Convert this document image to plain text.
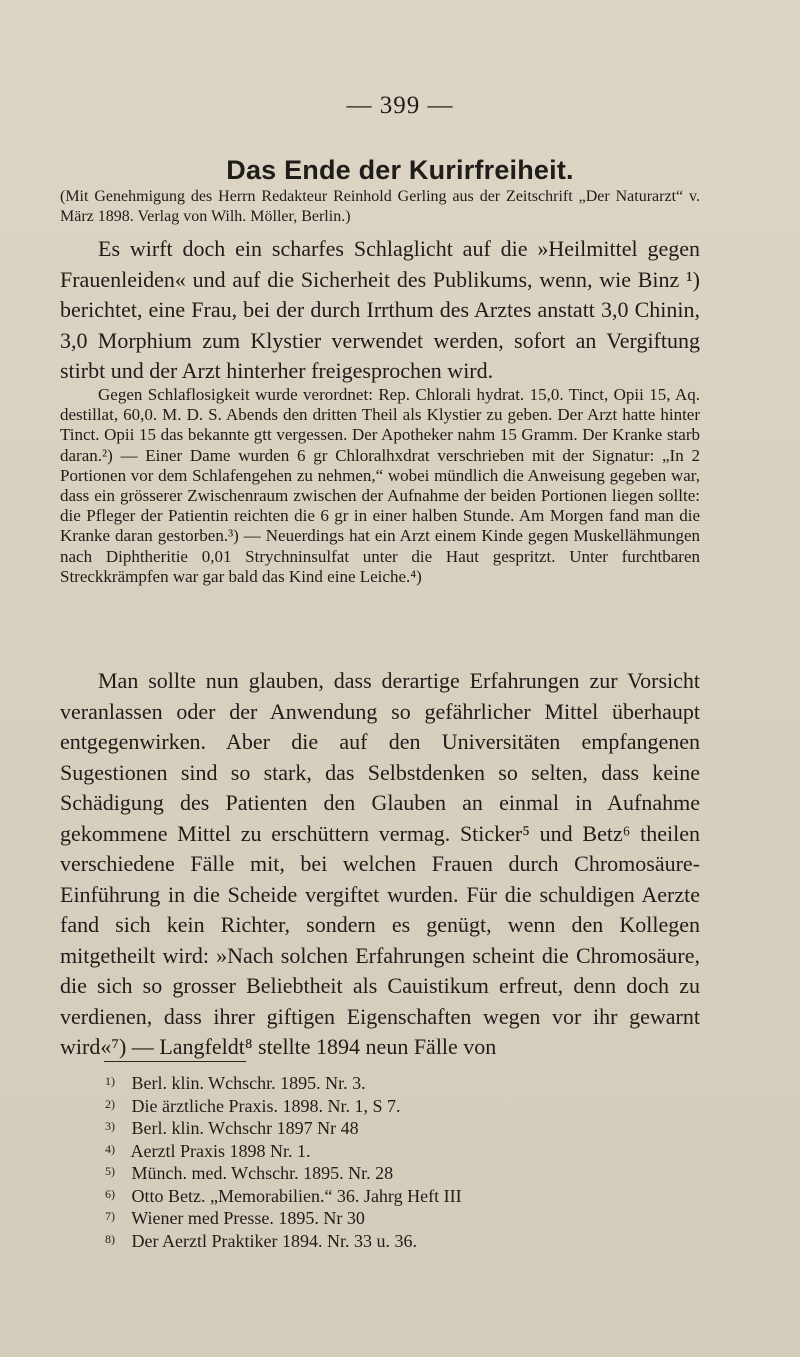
— 399 —
Das Ende der Kurirfreiheit.

(Mit Genehmigung des Herrn Redakteur Reinhold Gerling aus der Zeitschrift „Der Naturarzt“ v. März 1898. Verlag von Wilh. Möller, Berlin.)

Es wirft doch ein scharfes Schlaglicht auf die »Heilmittel gegen Frauenleiden« und auf die Sicherheit des Publikums, wenn, wie Binz ¹) berichtet, eine Frau, bei der durch Irrthum des Arztes anstatt 3,0 Chinin, 3,0 Morphium zum Klystier verwendet werden, sofort an Vergiftung stirbt und der Arzt hinterher freigesprochen wird.

Gegen Schlaflosigkeit wurde verordnet: Rep. Chlorali hydrat. 15,0. Tinct, Opii 15, Aq. destillat, 60,0. M. D. S. Abends den dritten Theil als Klystier zu geben. Der Arzt hatte hinter Tinct. Opii 15 das bekannte gtt vergessen. Der Apotheker nahm 15 Gramm. Der Kranke starb daran.²) — Einer Dame wurden 6 gr Chloralhxdrat verschrieben mit der Signatur: „In 2 Portionen vor dem Schlafengehen zu nehmen,“ wobei mündlich die Anweisung gegeben war, dass ein grösserer Zwischenraum zwischen der Aufnahme der beiden Portionen liegen sollte: die Pfleger der Patientin reichten die 6 gr in einer halben Stunde. Am Morgen fand man die Kranke daran gestorben.³) — Neuerdings hat ein Arzt einem Kinde gegen Muskellähmungen nach Diphtheritie 0,01 Strychninsulfat unter die Haut gespritzt. Unter furchtbaren Streckkrämpfen war gar bald das Kind eine Leiche.⁴)

Man sollte nun glauben, dass derartige Erfahrungen zur Vorsicht veranlassen oder der Anwendung so gefährlicher Mittel überhaupt entgegenwirken. Aber die auf den Universitäten empfangenen Sugestionen sind so stark, das Selbstdenken so selten, dass keine Schädigung des Patienten den Glauben an einmal in Aufnahme gekommene Mittel zu erschüttern vermag. Sticker⁵ und Betz⁶ theilen verschiedene Fälle mit, bei welchen Frauen durch Chromosäure-Einführung in die Scheide vergiftet wurden. Für die schuldigen Aerzte fand sich kein Richter, sondern es genügt, wenn den Kollegen mitgetheilt wird: »Nach solchen Erfahrungen scheint die Chromosäure, die sich so grosser Beliebtheit als Cauistikum erfreut, denn doch zu verdienen, dass ihrer giftigen Eigenschaften wegen vor ihr gewarnt wird«⁷) — Langfeldt⁸ stellte 1894 neun Fälle von

1) Berl. klin. Wchschr. 1895. Nr. 3.

2) Die ärztliche Praxis. 1898. Nr. 1, S 7.

3) Berl. klin. Wchschr 1897 Nr 48

4) Aerztl Praxis 1898 Nr. 1.

5) Münch. med. Wchschr. 1895. Nr. 28

6) Otto Betz. „Memorabilien.“ 36. Jahrg Heft III

7) Wiener med Presse. 1895. Nr 30

8) Der Aerztl Praktiker 1894. Nr. 33 u. 36.
